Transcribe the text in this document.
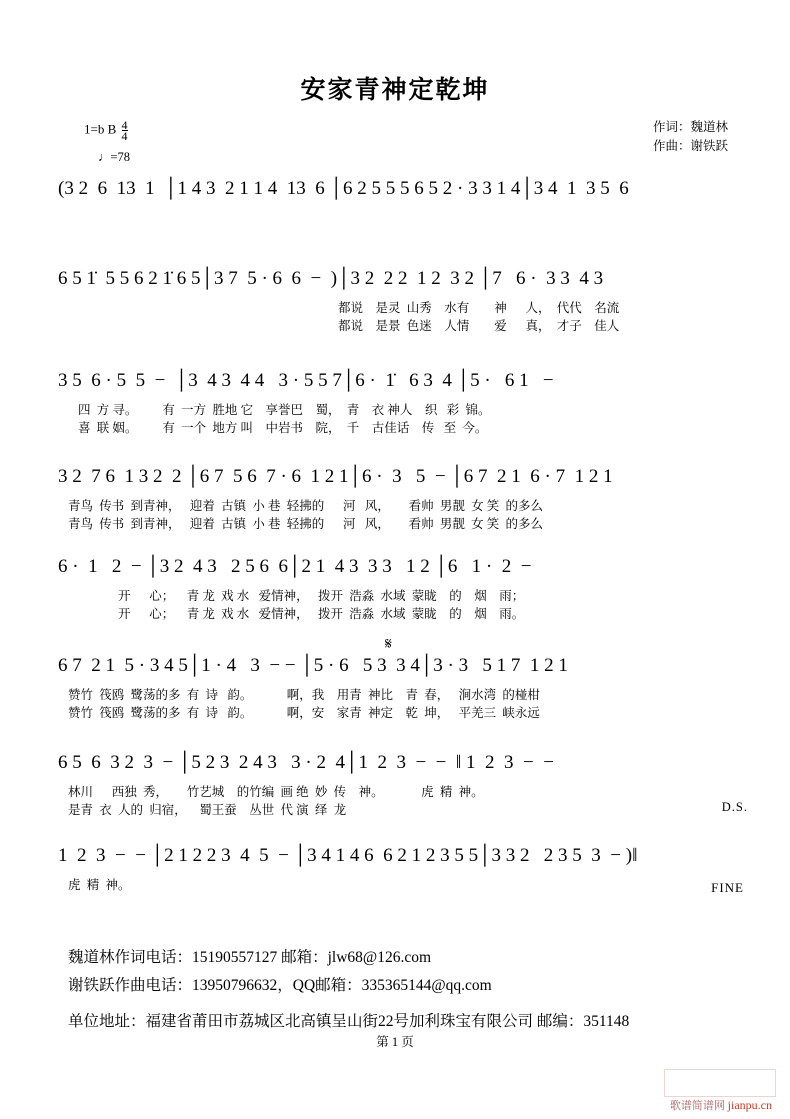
安家青神定乾坤
作词：魏道林
作曲：谢铁跃
1=b B $\frac{4}{4}$
♩=78
(3 2  6  13  1  │1 4 3  2 1 1 4  13  6 │6 2 5 5 5 6 5 2 · 3 3 1 4│3 4  1  3 5  6
6 5 1̇  5 5 6 2 1̇ 6 5│3 7  5 · 6  6  −  )│3 2  2 2  1 2  3 2 │7   6 ·  3 3  4 3
都说    是灵  山秀    水有        神      人，  代代    名流
都说    是景  色迷    人情        爱      真，  才子    佳人
3 5  6 · 5  5  −  │3  4 3  4 4   3 · 5 5 7│6 ·  1̇   6 3  4 │5 ·   6 1   −
四  方 寻。        有  一方  胜地 它    享誉巴    蜀，  青    衣 神人    织   彩  锦。
喜  联 姻。        有  一个  地方 叫    中岩书    院，  千    古佳话    传   至  今。
3 2  7 6  1 3 2  2 │6 7  5 6  7 · 6  1 2 1│6 ·  3   5  − │6 7  2 1  6 · 7  1 2 1
青鸟  传书  到青神，   迎着  古镇  小 巷  轻拂的      河   风，      看帅  男靓  女 笑  的多么
青鸟  传书  到青神，   迎着  古镇  小 巷  轻拂的      河   风，      看帅  男靓  女 笑  的多么
6 ·  1   2  − │3 2  4 3   2 5 6  6│2 1  4 3  3 3   1 2 │6   1 ·  2  −
开      心；    青 龙  戏 水   爱情神，   拨开  浩淼  水域  蒙眬    的    烟    雨；
开      心；    青 龙  戏 水   爱情神，   拨开  浩淼  水域  蒙眬    的    烟    雨。
𝄋
6 7  2 1  5 · 3 4 5│1 · 4   3  − − │5 · 6   5 3  3 4│3 · 3   5 1 7  1 2 1
赞竹  筏鸥  鹭荡的多  有  诗   韵。           啊，我    用青  神比    青  春，   涧水湾  的椪柑
赞竹  筏鸥  鹭荡的多  有  诗   韵。           啊，安    家青  神定    乾  坤，   平羌三  峡永远
6 5  6  3 2  3  − │5 2 3  2 4 3   3 · 2  4│1  2  3  −  −  ‖ 1  2  3  −  −
林川      西独  秀，      竹艺城    的竹编  画 绝  妙  传    神。            虎  精  神。
是青  衣  人的  归宿，    蜀王蚕    丛世  代 演  绎  龙	D.S.
1  2  3  −  − │2 1 2 2 3  4  5  − │3 4 1 4 6  6 2 1 2 3 5 5│3 3 2   2 3 5  3  − )‖
虎  精  神。	FINE
魏道林作词电话：15190557127 邮箱：jlw68@126.com
谢铁跃作曲电话：13950796632，QQ邮箱：335365144@qq.com
单位地址：福建省莆田市荔城区北高镇呈山街22号加利珠宝有限公司 邮编：351148
第 1 页
歌谱简谱网 jianpu.cn
